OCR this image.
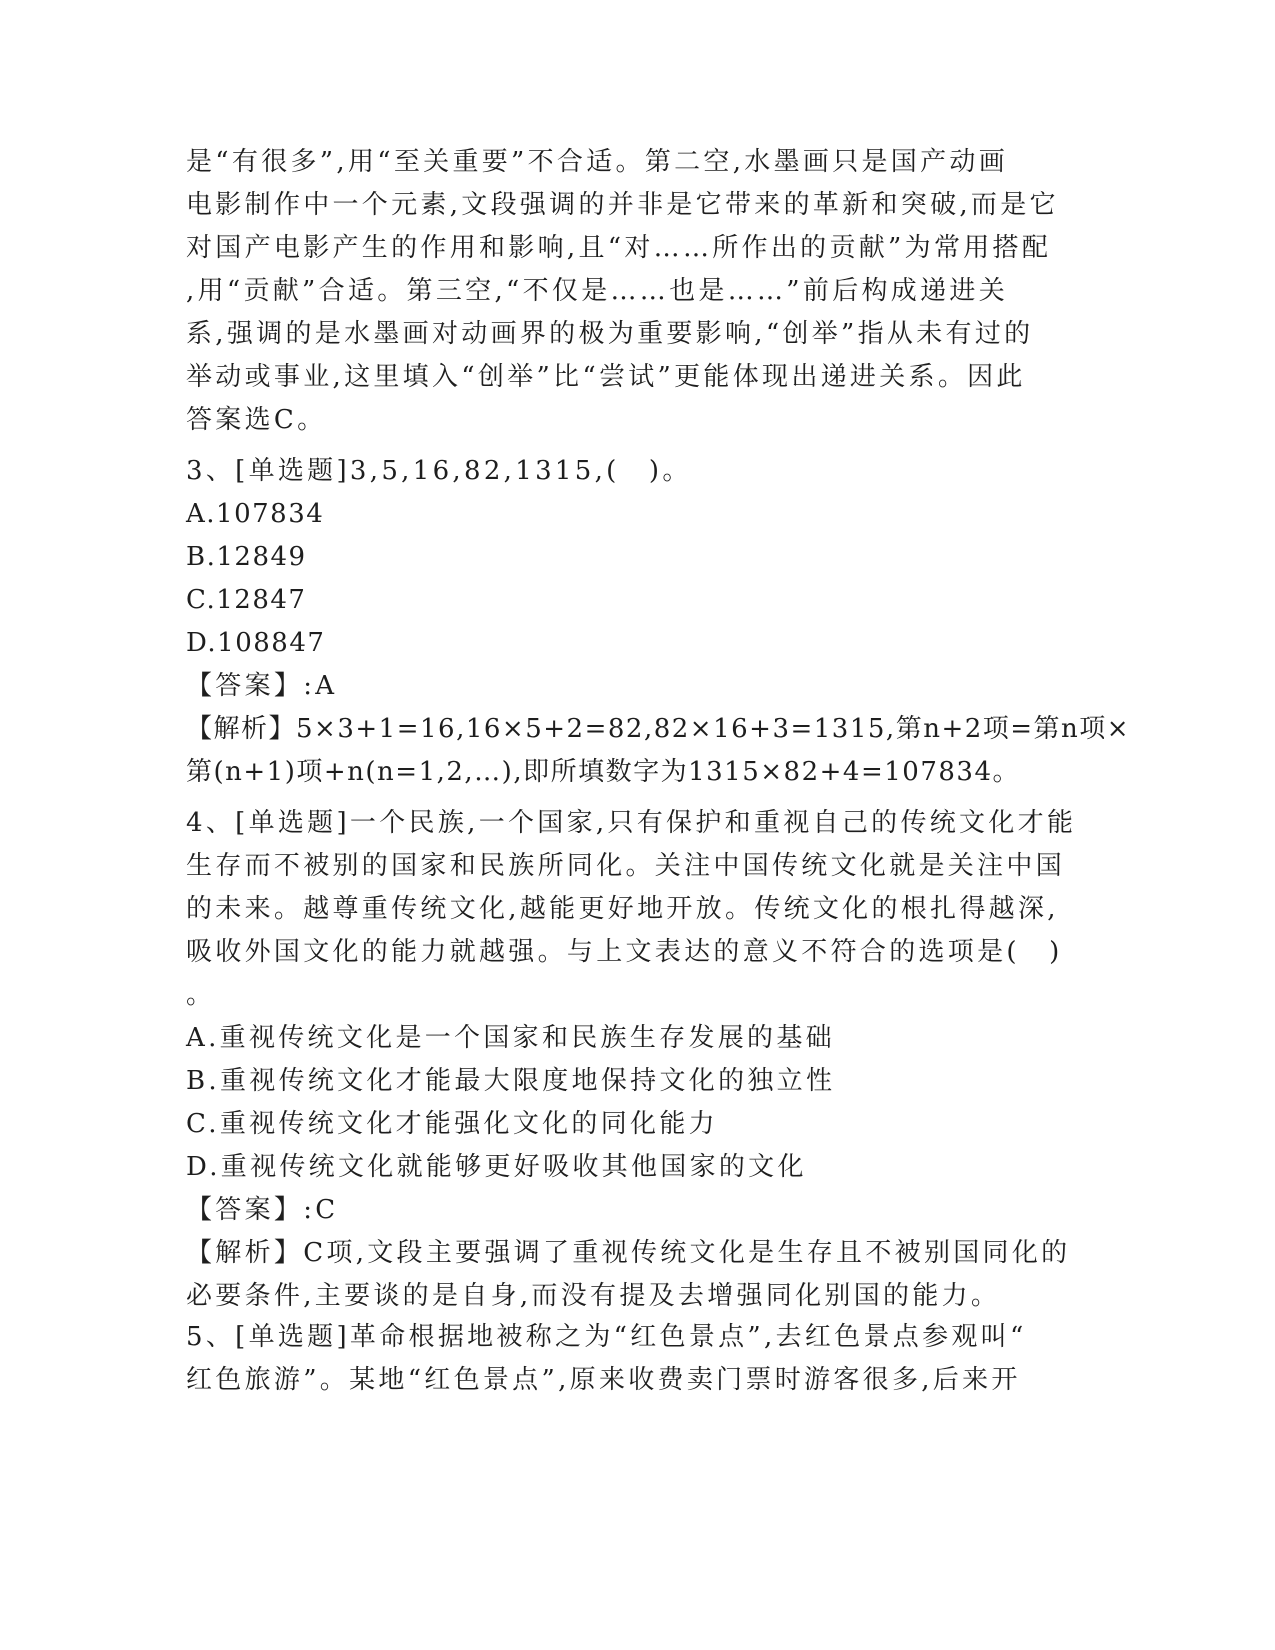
是“有很多”,用“至关重要”不合适。第二空,水墨画只是国产动画
电影制作中一个元素,文段强调的并非是它带来的革新和突破,而是它
对国产电影产生的作用和影响,且“对……所作出的贡献”为常用搭配
,用“贡献”合适。第三空,“不仅是……也是……”前后构成递进关
系,强调的是水墨画对动画界的极为重要影响,“创举”指从未有过的
举动或事业,这里填入“创举”比“尝试”更能体现出递进关系。因此
答案选C。
3、[单选题]3,5,16,82,1315,(　)。
A.107834
B.12849
C.12847
D.108847
【答案】:A
【解析】5×3+1=16,16×5+2=82,82×16+3=1315,第n+2项=第n项×
第(n+1)项+n(n=1,2,…),即所填数字为1315×82+4=107834。
4、[单选题]一个民族,一个国家,只有保护和重视自己的传统文化才能
生存而不被别的国家和民族所同化。关注中国传统文化就是关注中国
的未来。越尊重传统文化,越能更好地开放。传统文化的根扎得越深,
吸收外国文化的能力就越强。与上文表达的意义不符合的选项是(　)
。
A.重视传统文化是一个国家和民族生存发展的基础
B.重视传统文化才能最大限度地保持文化的独立性
C.重视传统文化才能强化文化的同化能力
D.重视传统文化就能够更好吸收其他国家的文化
【答案】:C
【解析】C项,文段主要强调了重视传统文化是生存且不被别国同化的
必要条件,主要谈的是自身,而没有提及去增强同化别国的能力。
5、[单选题]革命根据地被称之为“红色景点”,去红色景点参观叫“
红色旅游”。某地“红色景点”,原来收费卖门票时游客很多,后来开
